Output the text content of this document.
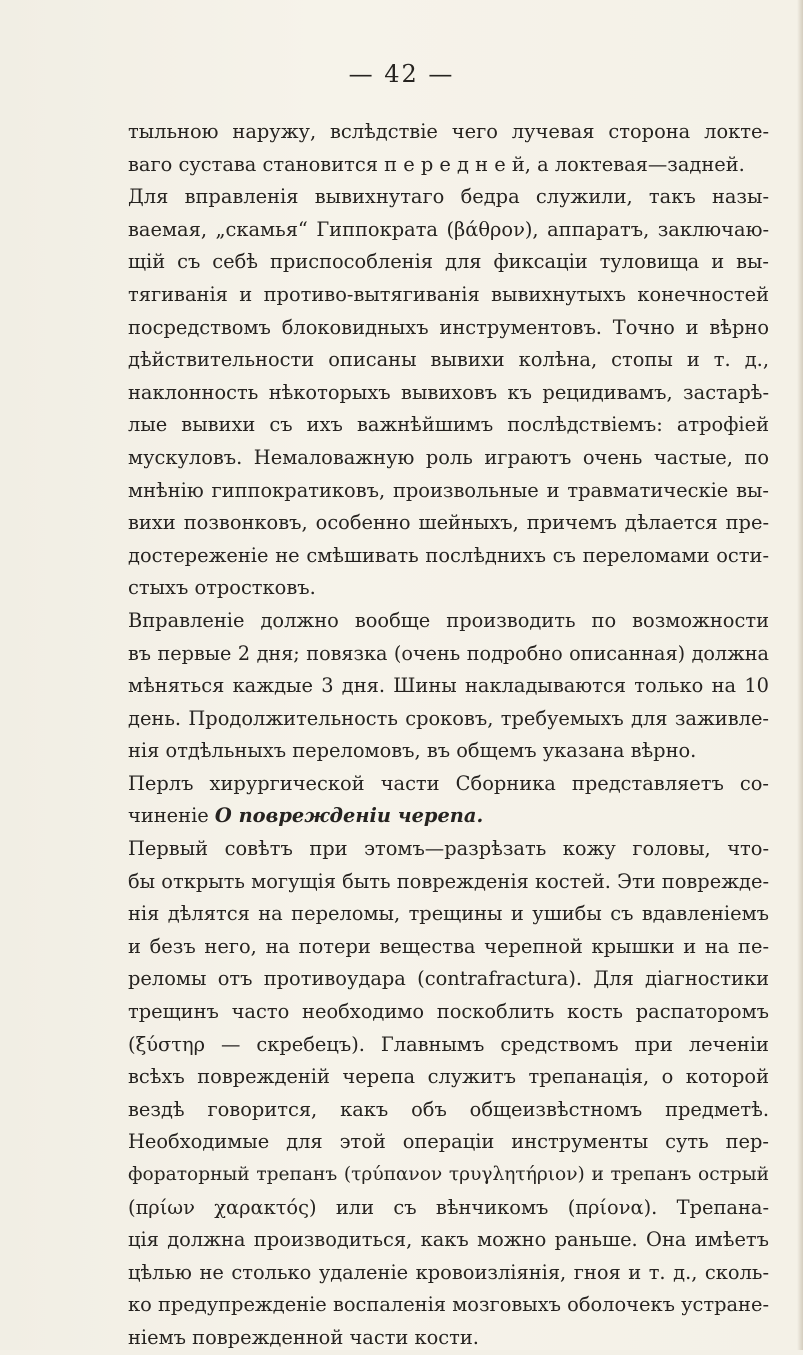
— 42 —

тыльною наружу, вслѣдствіе чего лучевая сторона локте-
ваго сустава становится п е р е д н е й, а локтевая—задней.
Для вправленія вывихнутаго бедра служили, такъ назы-
ваемая, „скамья“ Гиппократа (βάθρον), аппаратъ, заключаю-
щій съ себѣ приспособленія для фиксаціи туловища и вы-
тягиванія и противо-вытягиванія вывихнутыхъ конечностей
посредствомъ блоковидныхъ инструментовъ. Точно и вѣрно
дѣйствительности описаны вывихи колѣна, стопы и т. д.,
наклонность нѣкоторыхъ вывиховъ къ рецидивамъ, застарѣ-
лые вывихи съ ихъ важнѣйшимъ послѣдствіемъ: атрофіей
мускуловъ. Немаловажную роль играютъ очень частые, по
мнѣнію гиппократиковъ, произвольные и травматическіе вы-
вихи позвонковъ, особенно шейныхъ, причемъ дѣлается пре-
достереженіе не смѣшивать послѣднихъ съ переломами ости-
стыхъ отростковъ.
Вправленіе должно вообще производить по возможности
въ первые 2 дня; повязка (очень подробно описанная) должна
мѣняться каждые 3 дня. Шины накладываются только на 10
день. Продолжительность сроковъ, требуемыхъ для заживле-
нія отдѣльныхъ переломовъ, въ общемъ указана вѣрно.
Перлъ хирургической части Сборника представляетъ со-
чиненіе О поврежденіи черепа.
Первый совѣтъ при этомъ—разрѣзать кожу головы, что-
бы открыть могущія быть поврежденія костей. Эти поврежде-
нія дѣлятся на переломы, трещины и ушибы съ вдавленіемъ
и безъ него, на потери вещества черепной крышки и на пе-
реломы отъ противоудара (contrafractura). Для діагностики
трещинъ часто необходимо поскоблить кость распаторомъ
(ξύστηρ — скребецъ). Главнымъ средствомъ при леченіи
всѣхъ поврежденій черепа служитъ трепанація, о которой
вездѣ говорится, какъ объ общеизвѣстномъ предметѣ.
Необходимые для этой операціи инструменты суть пер-
фораторный трепанъ (τρύπανον τρυγλητήριον) и трепанъ острый
(πρίων χαρακτός) или съ вѣнчикомъ (πρίονα). Трепана-
ція должна производиться, какъ можно раньше. Она имѣетъ
цѣлью не столько удаленіе кровоизліянія, гноя и т. д., сколь-
ко предупрежденіе воспаленія мозговыхъ оболочекъ устране-
ніемъ поврежденной части кости.
